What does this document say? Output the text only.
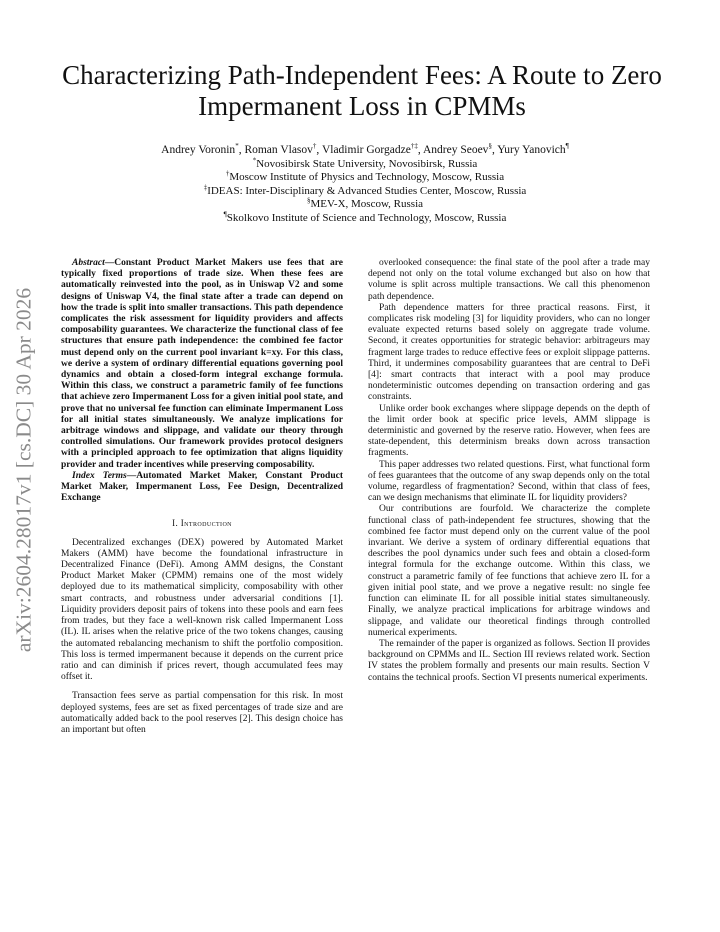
arXiv:2604.28017v1 [cs.DC] 30 Apr 2026
Characterizing Path-Independent Fees: A Route to Zero Impermanent Loss in CPMMs
Andrey Voronin*, Roman Vlasov†, Vladimir Gorgadze†‡, Andrey Seoev§, Yury Yanovich¶
*Novosibirsk State University, Novosibirsk, Russia
†Moscow Institute of Physics and Technology, Moscow, Russia
‡IDEAS: Inter-Disciplinary & Advanced Studies Center, Moscow, Russia
§MEV-X, Moscow, Russia
¶Skolkovo Institute of Science and Technology, Moscow, Russia

Abstract—Constant Product Market Makers use fees that are typically fixed proportions of trade size. When these fees are automatically reinvested into the pool, as in Uniswap V2 and some designs of Uniswap V4, the final state after a trade can depend on how the trade is split into smaller transactions. This path dependence complicates the risk assessment for liquidity providers and affects composability guarantees. We characterize the functional class of fee structures that ensure path independence: the combined fee factor must depend only on the current pool invariant k=xy. For this class, we derive a system of ordinary differential equations governing pool dynamics and obtain a closed-form integral exchange formula. Within this class, we construct a parametric family of fee functions that achieve zero Impermanent Loss for a given initial pool state, and prove that no universal fee function can eliminate Impermanent Loss for all initial states simultaneously. We analyze implications for arbitrage windows and slippage, and validate our theory through controlled simulations. Our framework provides protocol designers with a principled approach to fee optimization that aligns liquidity provider and trader incentives while preserving composability.

Index Terms—Automated Market Maker, Constant Product Market Maker, Impermanent Loss, Fee Design, Decentralized Exchange

I. Introduction

Decentralized exchanges (DEX) powered by Automated Market Makers (AMM) have become the foundational infrastructure in Decentralized Finance (DeFi). Among AMM designs, the Constant Product Market Maker (CPMM) remains one of the most widely deployed due to its mathematical simplicity, composability with other smart contracts, and robustness under adversarial conditions [1]. Liquidity providers deposit pairs of tokens into these pools and earn fees from trades, but they face a well-known risk called Impermanent Loss (IL). IL arises when the relative price of the two tokens changes, causing the automated rebalancing mechanism to shift the portfolio composition. This loss is termed impermanent because it depends on the current price ratio and can diminish if prices revert, though accumulated fees may offset it.

Transaction fees serve as partial compensation for this risk. In most deployed systems, fees are set as fixed percentages of trade size and are automatically added back to the pool reserves [2]. This design choice has an important but often

overlooked consequence: the final state of the pool after a trade may depend not only on the total volume exchanged but also on how that volume is split across multiple transactions. We call this phenomenon path dependence.

Path dependence matters for three practical reasons. First, it complicates risk modeling [3] for liquidity providers, who can no longer evaluate expected returns based solely on aggregate trade volume. Second, it creates opportunities for strategic behavior: arbitrageurs may fragment large trades to reduce effective fees or exploit slippage patterns. Third, it undermines composability guarantees that are central to DeFi [4]: smart contracts that interact with a pool may produce nondeterministic outcomes depending on transaction ordering and gas constraints.

Unlike order book exchanges where slippage depends on the depth of the limit order book at specific price levels, AMM slippage is deterministic and governed by the reserve ratio. However, when fees are state-dependent, this determinism breaks down across transaction fragments.

This paper addresses two related questions. First, what functional form of fees guarantees that the outcome of any swap depends only on the total volume, regardless of fragmentation? Second, within that class of fees, can we design mechanisms that eliminate IL for liquidity providers?

Our contributions are fourfold. We characterize the complete functional class of path-independent fee structures, showing that the combined fee factor must depend only on the current value of the pool invariant. We derive a system of ordinary differential equations that describes the pool dynamics under such fees and obtain a closed-form integral formula for the exchange outcome. Within this class, we construct a parametric family of fee functions that achieve zero IL for a given initial pool state, and we prove a negative result: no single fee function can eliminate IL for all possible initial states simultaneously. Finally, we analyze practical implications for arbitrage windows and slippage, and validate our theoretical findings through controlled numerical experiments.

The remainder of the paper is organized as follows. Section II provides background on CPMMs and IL. Section III reviews related work. Section IV states the problem formally and presents our main results. Section V contains the technical proofs. Section VI presents numerical experiments.
